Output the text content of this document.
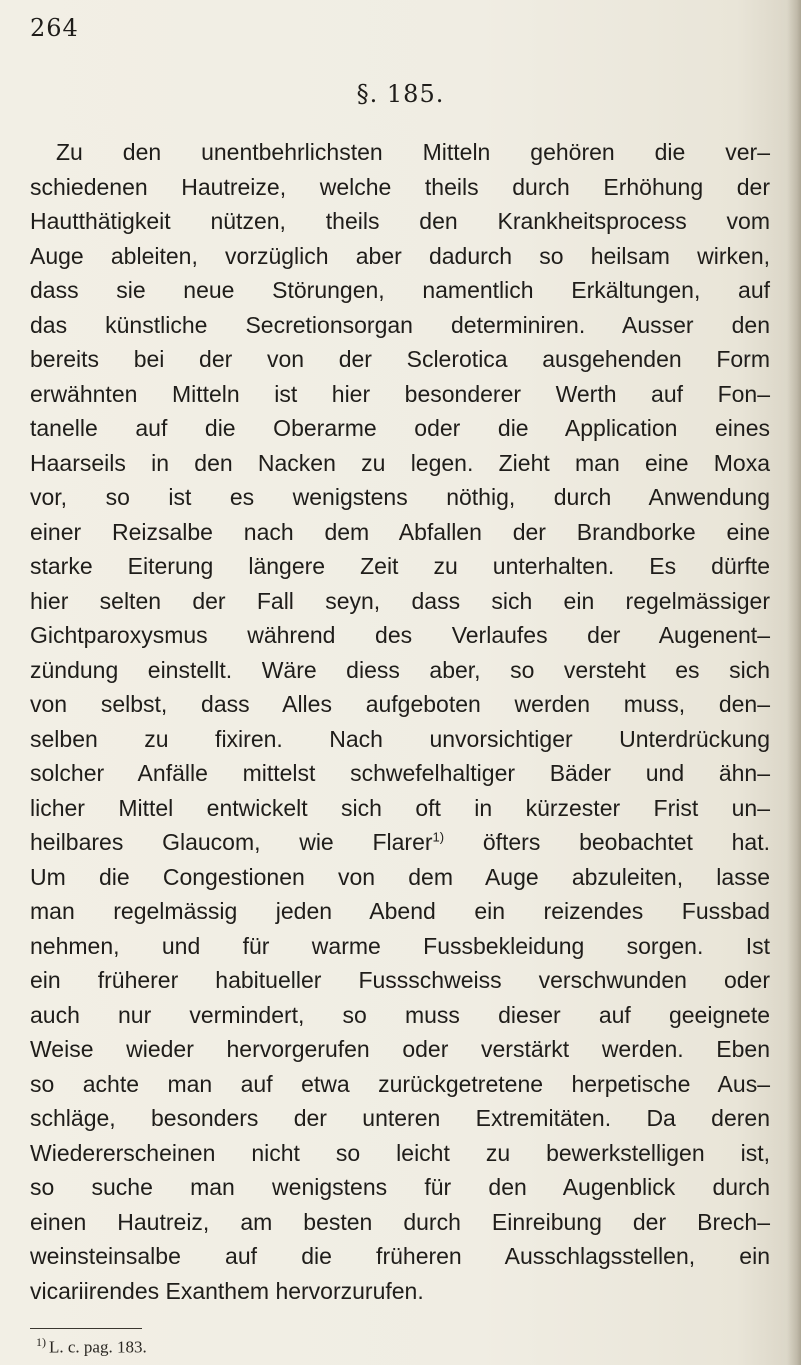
264
§. 185.
Zu den unentbehrlichsten Mitteln gehören die ver–
schiedenen Hautreize, welche theils durch Erhöhung der
Hautthätigkeit nützen, theils den Krankheitsprocess vom
Auge ableiten, vorzüglich aber dadurch so heilsam wirken,
dass sie neue Störungen, namentlich Erkältungen, auf
das künstliche Secretionsorgan determiniren. Ausser den
bereits bei der von der Sclerotica ausgehenden Form
erwähnten Mitteln ist hier besonderer Werth auf Fon–
tanelle auf die Oberarme oder die Application eines
Haarseils in den Nacken zu legen. Zieht man eine Moxa
vor, so ist es wenigstens nöthig, durch Anwendung
einer Reizsalbe nach dem Abfallen der Brandborke eine
starke Eiterung längere Zeit zu unterhalten. Es dürfte
hier selten der Fall seyn, dass sich ein regelmässiger
Gichtparoxysmus während des Verlaufes der Augenent–
zündung einstellt. Wäre diess aber, so versteht es sich
von selbst, dass Alles aufgeboten werden muss, den–
selben zu fixiren. Nach unvorsichtiger Unterdrückung
solcher Anfälle mittelst schwefelhaltiger Bäder und ähn–
licher Mittel entwickelt sich oft in kürzester Frist un–
heilbares Glaucom, wie Flarer$^{1)}$ öfters beobachtet hat.
Um die Congestionen von dem Auge abzuleiten, lasse
man regelmässig jeden Abend ein reizendes Fussbad
nehmen, und für warme Fussbekleidung sorgen. Ist
ein früherer habitueller Fussschweiss verschwunden oder
auch nur vermindert, so muss dieser auf geeignete
Weise wieder hervorgerufen oder verstärkt werden. Eben
so achte man auf etwa zurückgetretene herpetische Aus–
schläge, besonders der unteren Extremitäten. Da deren
Wiedererscheinen nicht so leicht zu bewerkstelligen ist,
so suche man wenigstens für den Augenblick durch
einen Hautreiz, am besten durch Einreibung der Brech–
weinsteinsalbe auf die früheren Ausschlagsstellen, ein
vicariirendes Exanthem hervorzurufen.
$^{1)}$ L. c. pag. 183.
